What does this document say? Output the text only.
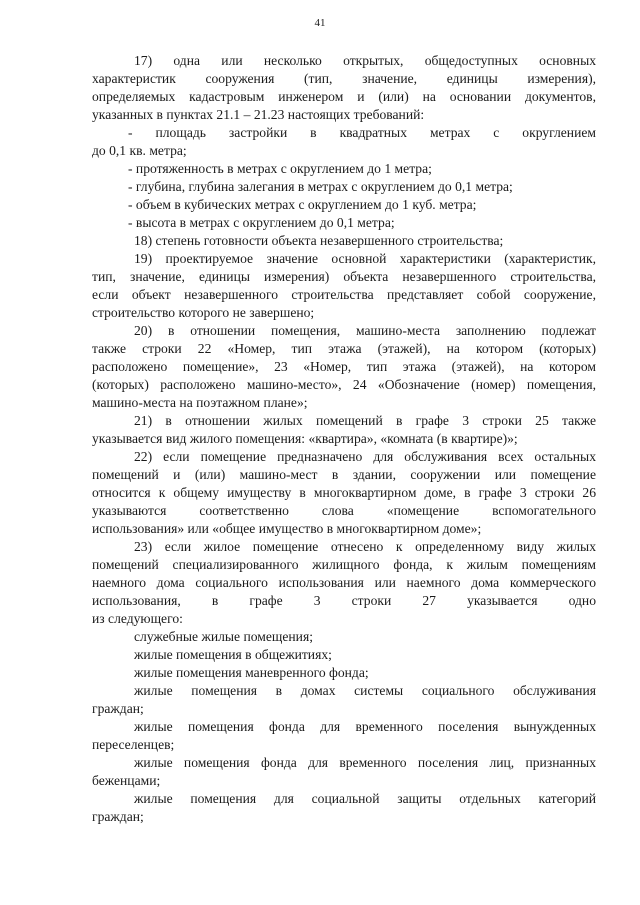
41
17) одна или несколько открытых, общедоступных основных
характеристик сооружения (тип, значение, единицы измерения),
определяемых кадастровым инженером и (или) на основании документов,
указанных в пунктах 21.1 – 21.23 настоящих требований:
- площадь застройки в квадратных метрах с округлением
до 0,1 кв. метра;
- протяженность в метрах с округлением до 1 метра;
- глубина, глубина залегания в метрах с округлением до 0,1 метра;
- объем в кубических метрах с округлением до 1 куб. метра;
- высота в метрах с округлением до 0,1 метра;
18) степень готовности объекта незавершенного строительства;
19) проектируемое значение основной характеристики (характеристик,
тип, значение, единицы измерения) объекта незавершенного строительства,
если объект незавершенного строительства представляет собой сооружение,
строительство которого не завершено;
20) в отношении помещения, машино-места заполнению подлежат
также строки 22 «Номер, тип этажа (этажей), на котором (которых)
расположено помещение», 23 «Номер, тип этажа (этажей), на котором
(которых) расположено машино-место», 24 «Обозначение (номер) помещения,
машино-места на поэтажном плане»;
21) в отношении жилых помещений в графе 3 строки 25 также
указывается вид жилого помещения: «квартира», «комната (в квартире)»;
22) если помещение предназначено для обслуживания всех остальных
помещений и (или) машино-мест в здании, сооружении или помещение
относится к общему имуществу в многоквартирном доме, в графе 3 строки 26
указываются соответственно слова «помещение вспомогательного
использования» или «общее имущество в многоквартирном доме»;
23) если жилое помещение отнесено к определенному виду жилых
помещений специализированного жилищного фонда, к жилым помещениям
наемного дома социального использования или наемного дома коммерческого
использования, в графе 3 строки 27 указывается одно
из следующего:
служебные жилые помещения;
жилые помещения в общежитиях;
жилые помещения маневренного фонда;
жилые помещения в домах системы социального обслуживания
граждан;
жилые помещения фонда для временного поселения вынужденных
переселенцев;
жилые помещения фонда для временного поселения лиц, признанных
беженцами;
жилые помещения для социальной защиты отдельных категорий
граждан;
